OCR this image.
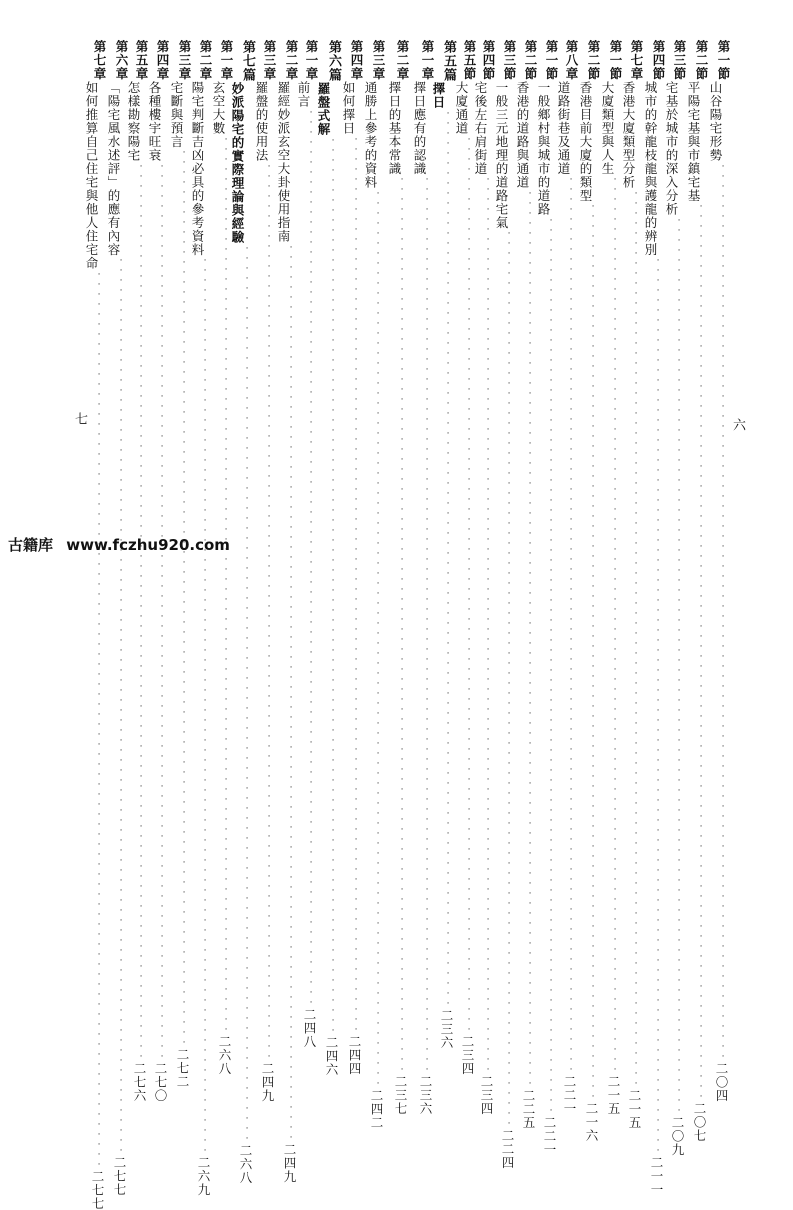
第一節
山谷陽宅形勢
··························································································
二〇四
第二節
平陽宅基與市鎮宅基
··························································································
二〇七
第三節
宅基於城市的深入分析
··························································································
二〇九
第四節
城市的幹龍枝龍與護龍的辨別
··························································································
二一一
第七章
香港大廈類型分析
··························································································
二一五
第一節
大廈類型與人生
··························································································
二一五
第二節
香港目前大廈的類型
··························································································
二一六
第八章
道路街巷及通道
··························································································
二二一
第一節
一般鄉村與城市的道路
··························································································
二二一
第二節
香港的道路與通道
··························································································
二二五
第三節
一般三元地理的道路宅氣
··························································································
二二四
第四節
宅後左右肩街道
··························································································
二三四
第五節
大廈通道
··························································································
二三四
第五篇
擇日
··························································································
二三六
第一章
擇日應有的認識
··························································································
二三六
第二章
擇日的基本常識
··························································································
二三七
第三章
通勝上參考的資料
··························································································
二四二
第四章
如何擇日
··························································································
二四四
第六篇
羅盤式解
··························································································
二四六
第一章
前言
··························································································
二四八
第二章
羅經妙派玄空大卦使用指南
··························································································
二四九
第三章
羅盤的使用法
··························································································
二四九
第七篇
妙派陽宅的實際理論與經驗
··························································································
二六八
第一章
玄空大數
··························································································
二六八
第二章
陽宅判斷吉凶必具的參考資料
··························································································
二六九
第三章
宅斷與預言
··························································································
二七二
第四章
各種樓宇旺衰
··························································································
二七〇
第五章
怎樣勘察陽宅
··························································································
二七六
第六章
「陽宅風水述評」的應有內容
··························································································
二七七
第七章
如何推算自己住宅與他人住宅命
··························································································
二七七
六
七
古籍库 www.fczhu920.com
